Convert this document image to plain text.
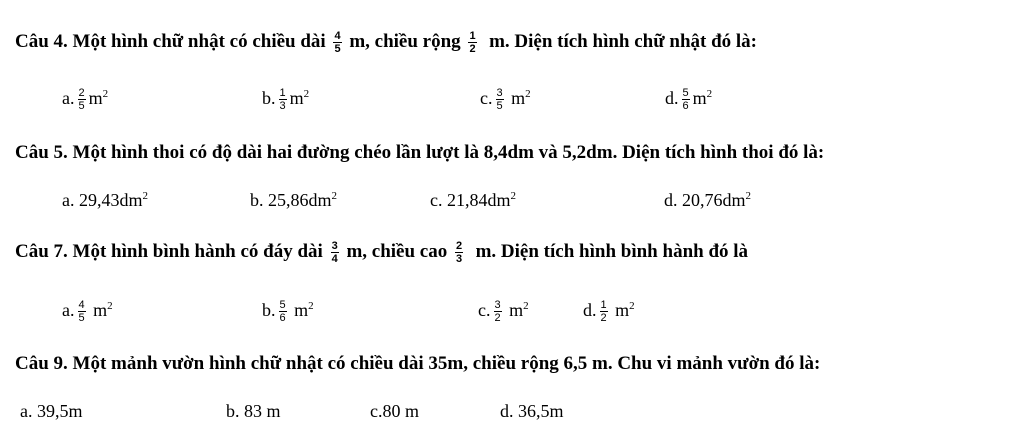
Câu 4. Một hình chữ nhật có chiều dài $\frac{4}{5} m$, chiều rộng $\frac{1}{2} m$. Diện tích hình chữ nhật đó là:
a. $\frac{2}{5} m^2$	b. $\frac{1}{3} m^2$	c. $\frac{3}{5} m^2$	d. $\frac{5}{6} m^2$
Câu 5. Một hình thoi có độ dài hai đường chéo lần lượt là 8,4dm và 5,2dm. Diện tích hình thoi đó là:
a. $29,43dm^2$	b. $25,86dm^2$	c. $21,84dm^2$	d. $20,76dm^2$
Câu 7. Một hình bình hành có đáy dài $\frac{3}{4} m$, chiều cao $\frac{2}{3} m$. Diện tích hình bình hành đó là
a. $\frac{4}{5} m^2$	b. $\frac{5}{6} m^2$	c. $\frac{3}{2} m^2$	d. $\frac{1}{2} m^2$
Câu 9. Một mảnh vườn hình chữ nhật có chiều dài 35m, chiều rộng 6,5 m. Chu vi mảnh vườn đó là:
a. 39,5m	b. 83 m	c.80 m	d. 36,5m
